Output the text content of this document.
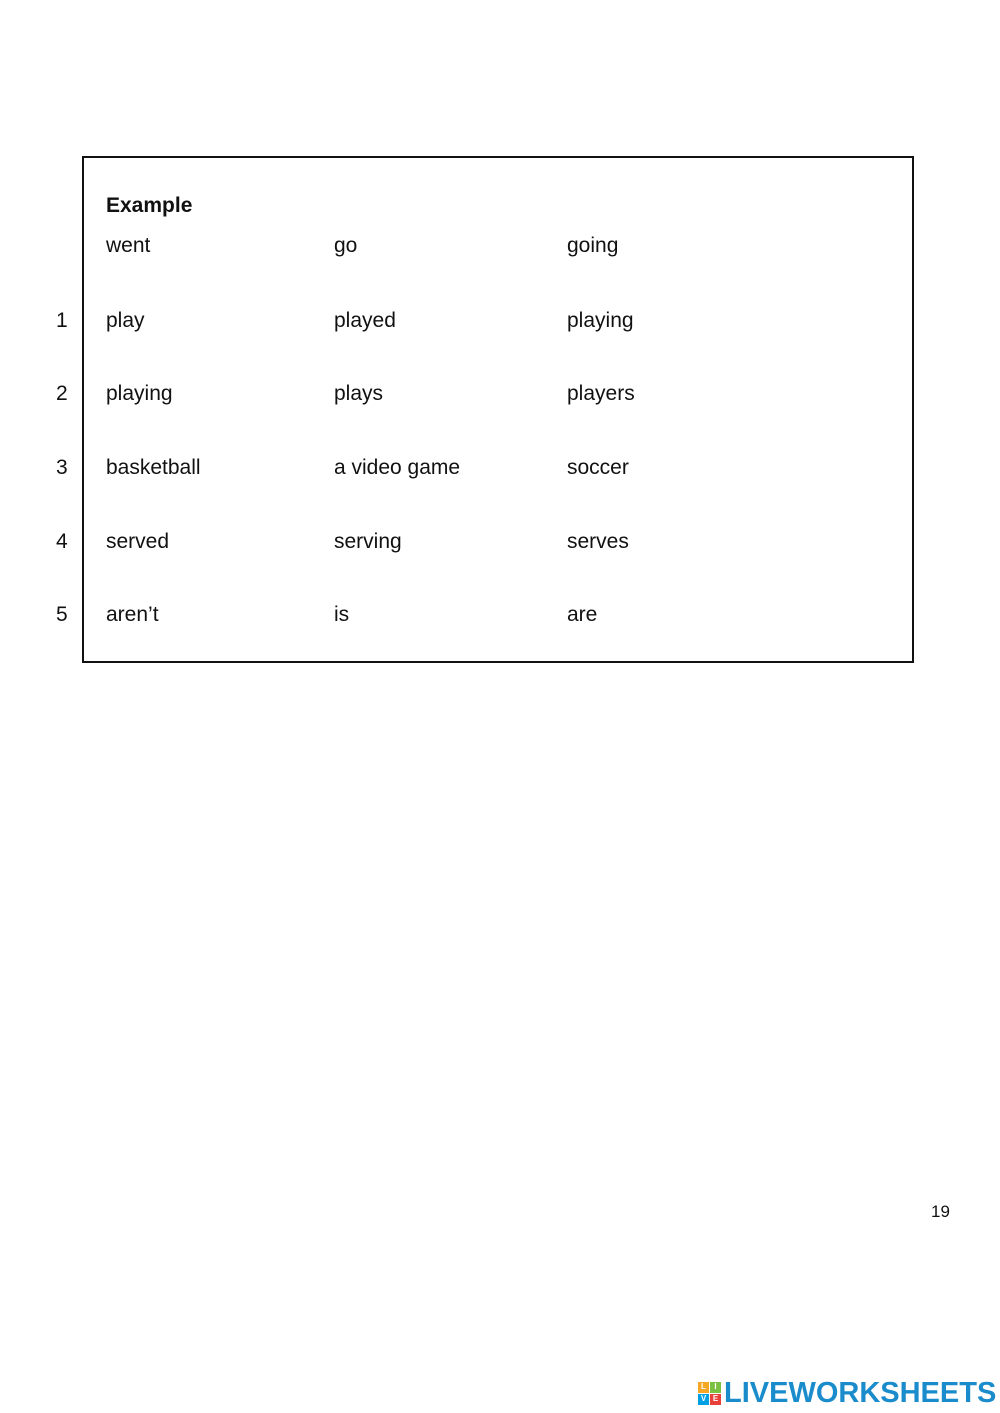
Example
went	go	going
1 play	played	playing
2 playing	plays	players
3 basketball	a video game	soccer
4 served	serving	serves
5 aren’t	is	are
19
L	I
V E LIVEWORKSHEETS
